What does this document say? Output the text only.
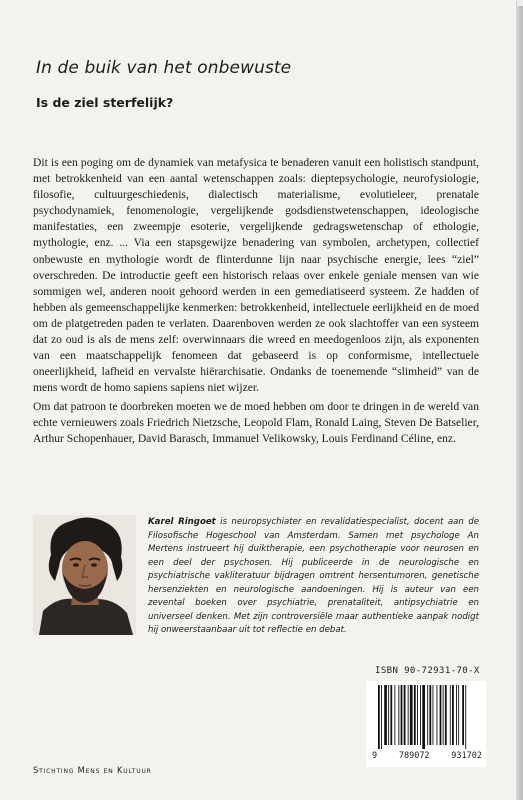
In de buik van het onbewuste
Is de ziel sterfelijk?

Dit is een poging om de dynamiek van metafysica te benaderen vanuit een holistisch standpunt, met betrokkenheid van een aantal wetenschappen zoals: dieptepsychologie, neurofysiologie, filosofie, cultuurgeschiedenis, dialectisch materialisme, evolutieleer, prenatale psychodynamiek, fenomenologie, vergelijkende godsdienstwetenschappen, ideologische manifestaties, een zweempje esoterie, vergelijkende gedragswetenschap of ethologie, mythologie, enz. ... Via een stapsgewijze benadering van symbolen, archetypen, collectief onbewuste en mythologie wordt de flinterdunne lijn naar psychische energie, lees “ziel” overschreden. De introductie geeft een historisch relaas over enkele geniale mensen van wie sommigen wel, anderen nooit gehoord werden in een gemediatiseerd systeem. Ze hadden of hebben als gemeenschappelijke kenmerken: betrokkenheid, intellectuele eerlijkheid en de moed om de platgetreden paden te verlaten. Daarenboven werden ze ook slachtoffer van een systeem dat zo oud is als de mens zelf: overwinnaars die wreed en meedogenloos zijn, als exponenten van een maatschappelijk fenomeen dat gebaseerd is op conformisme, intellectuele oneerlijkheid, lafheid en vervalste hiërarchisatie. Ondanks de toenemende “slimheid” van de mens wordt de homo sapiens sapiens niet wijzer.

Om dat patroon te doorbreken moeten we de moed hebben om door te dringen in de wereld van echte vernieuwers zoals Friedrich Nietzsche, Leopold Flam, Ronald Laing, Steven De Batselier, Arthur Schopenhauer, David Barasch, Immanuel Velikowsky, Louis Ferdinand Céline, enz.

Karel Ringoet is neuropsychiater en revalidatiespecialist, docent aan de Filosofische Hogeschool van Amsterdam. Samen met psychologe An Mertens instrueert hij duiktherapie, een psychotherapie voor neurosen en een deel der psychosen. Hij publiceerde in de neurologische en psychiatrische vakliteratuur bijdragen omtrent hersentumoren, genetische hersenziekten en neurologische aandoeningen. Hij is auteur van een zevental boeken over psychiatrie, prenataliteit, antipsychiatrie en universeel denken. Met zijn controversiële maar authentieke aanpak nodigt hij onweerstaanbaar uit tot reflectie en debat.

ISBN 90-72931-70-X
9	789072	931702
Stichting Mens en Kultuur
